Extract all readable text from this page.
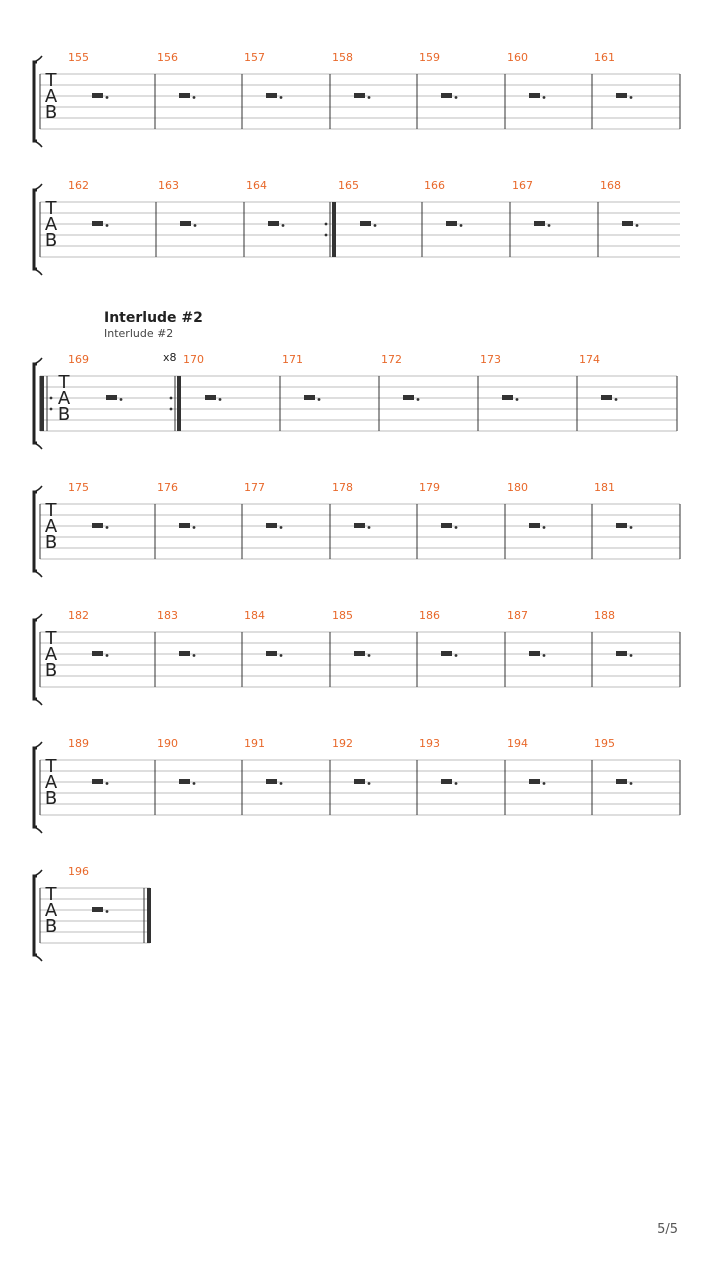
T
A
B
155	156	157	158	159	160	161
T
A
B
162	163	164	165	166	167	168
T
A
B
169	x8 170	171	172	173	174
T
A
B
175	176	177	178	179	180	181
T
A
B
182	183	184	185	186	187	188
T
A
B
189	190	191	192	193	194	195
T
A
B
196
Interlude #2
Interlude #2
5/5
